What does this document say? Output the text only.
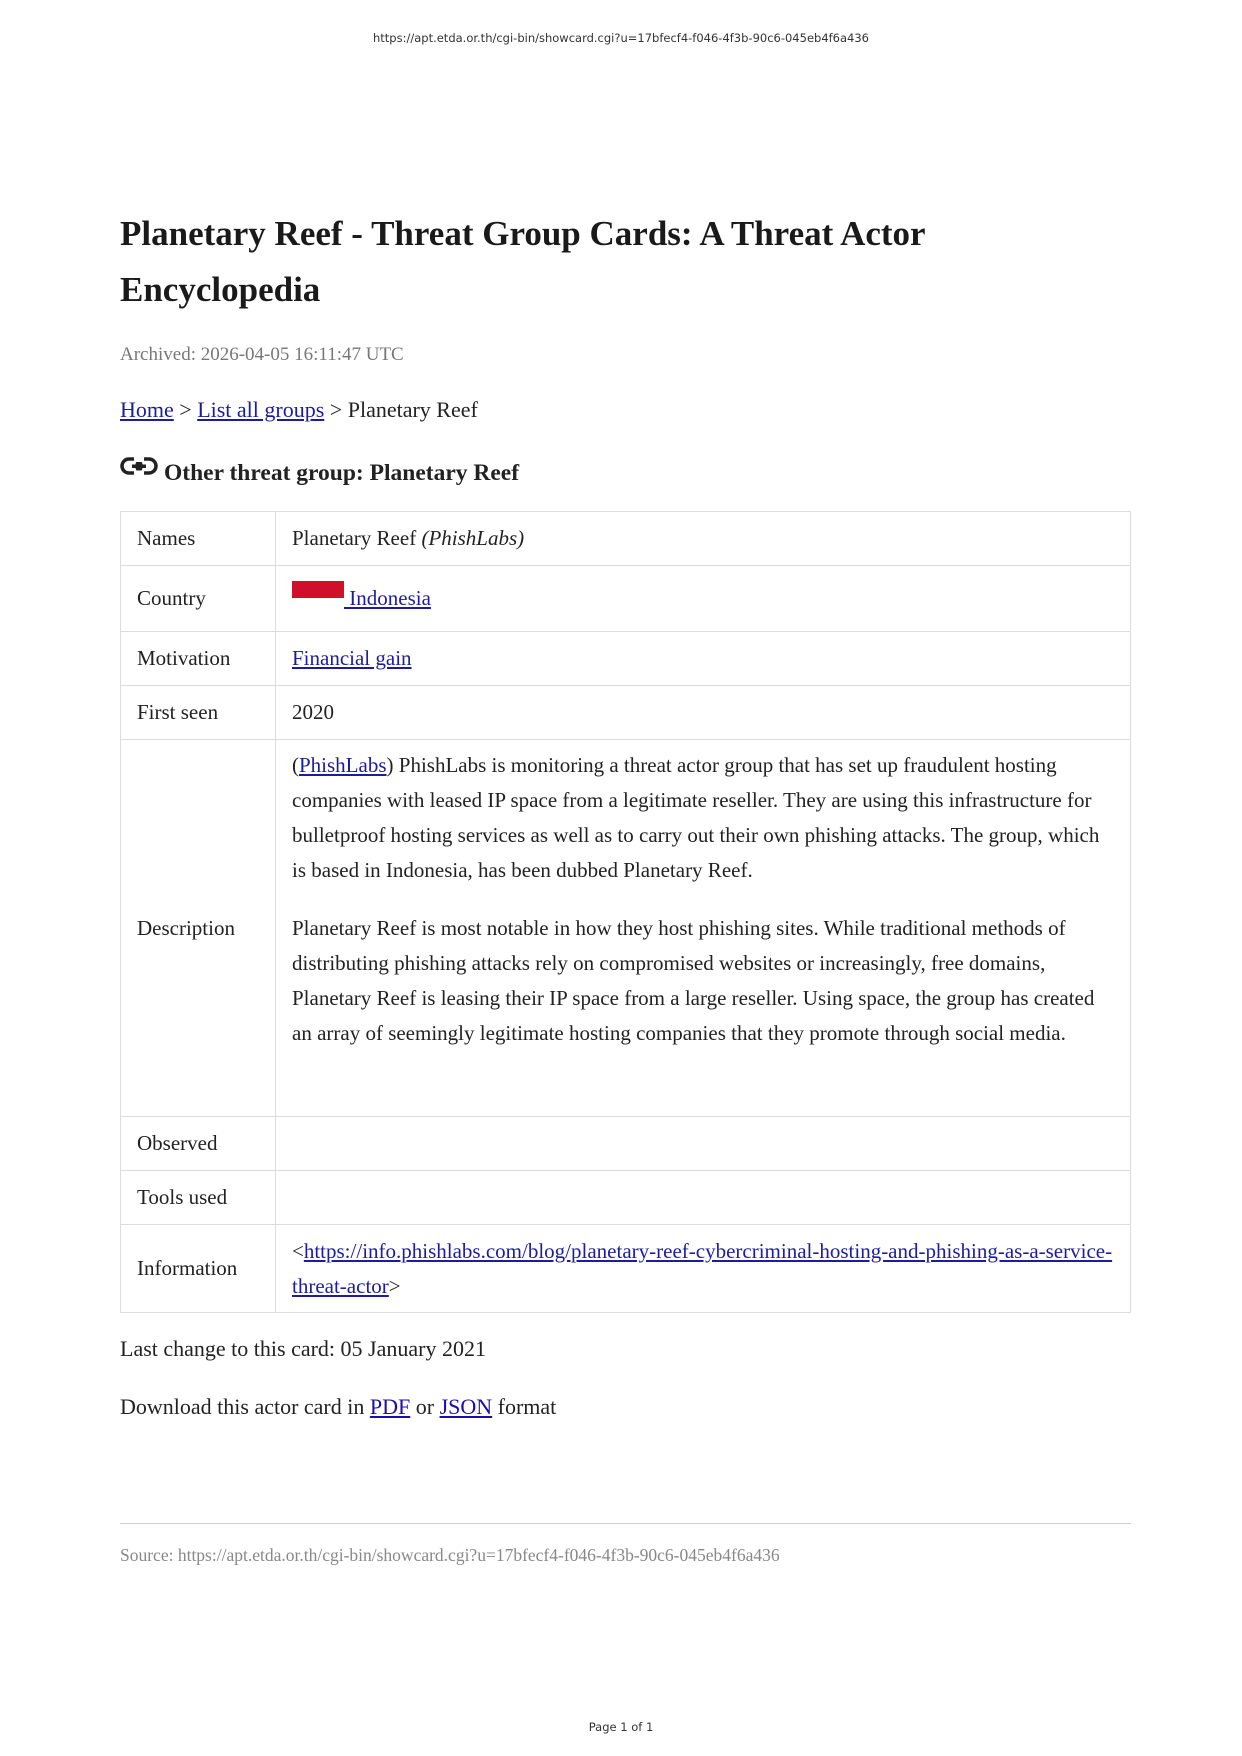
https://apt.etda.or.th/cgi-bin/showcard.cgi?u=17bfecf4-f046-4f3b-90c6-045eb4f6a436
Planetary Reef - Threat Group Cards: A Threat Actor
Encyclopedia
Archived: 2026-04-05 16:11:47 UTC
Home > List all groups > Planetary Reef
Other threat group: Planetary Reef
Names	Planetary Reef (PhishLabs)
Country	Indonesia
Motivation	Financial gain
First seen	2020
Description	(PhishLabs) PhishLabs is monitoring a threat actor group that has set up fraudulent hosting companies with leased IP space from a legitimate reseller. They are using this infrastructure for bulletproof hosting services as well as to carry out their own phishing attacks. The group, which is based in Indonesia, has been dubbed Planetary Reef.

Planetary Reef is most notable in how they host phishing sites. While traditional methods of distributing phishing attacks rely on compromised websites or increasingly, free domains, Planetary Reef is leasing their IP space from a large reseller. Using space, the group has created an array of seemingly legitimate hosting companies that they promote through social media.

Observed	
Tools used	
Information	<https://info.phishlabs.com/blog/planetary-reef-cybercriminal-hosting-and-phishing-as-a-service-threat-actor>
Last change to this card: 05 January 2021
Download this actor card in PDF or JSON format
Source: https://apt.etda.or.th/cgi-bin/showcard.cgi?u=17bfecf4-f046-4f3b-90c6-045eb4f6a436
Page 1 of 1
